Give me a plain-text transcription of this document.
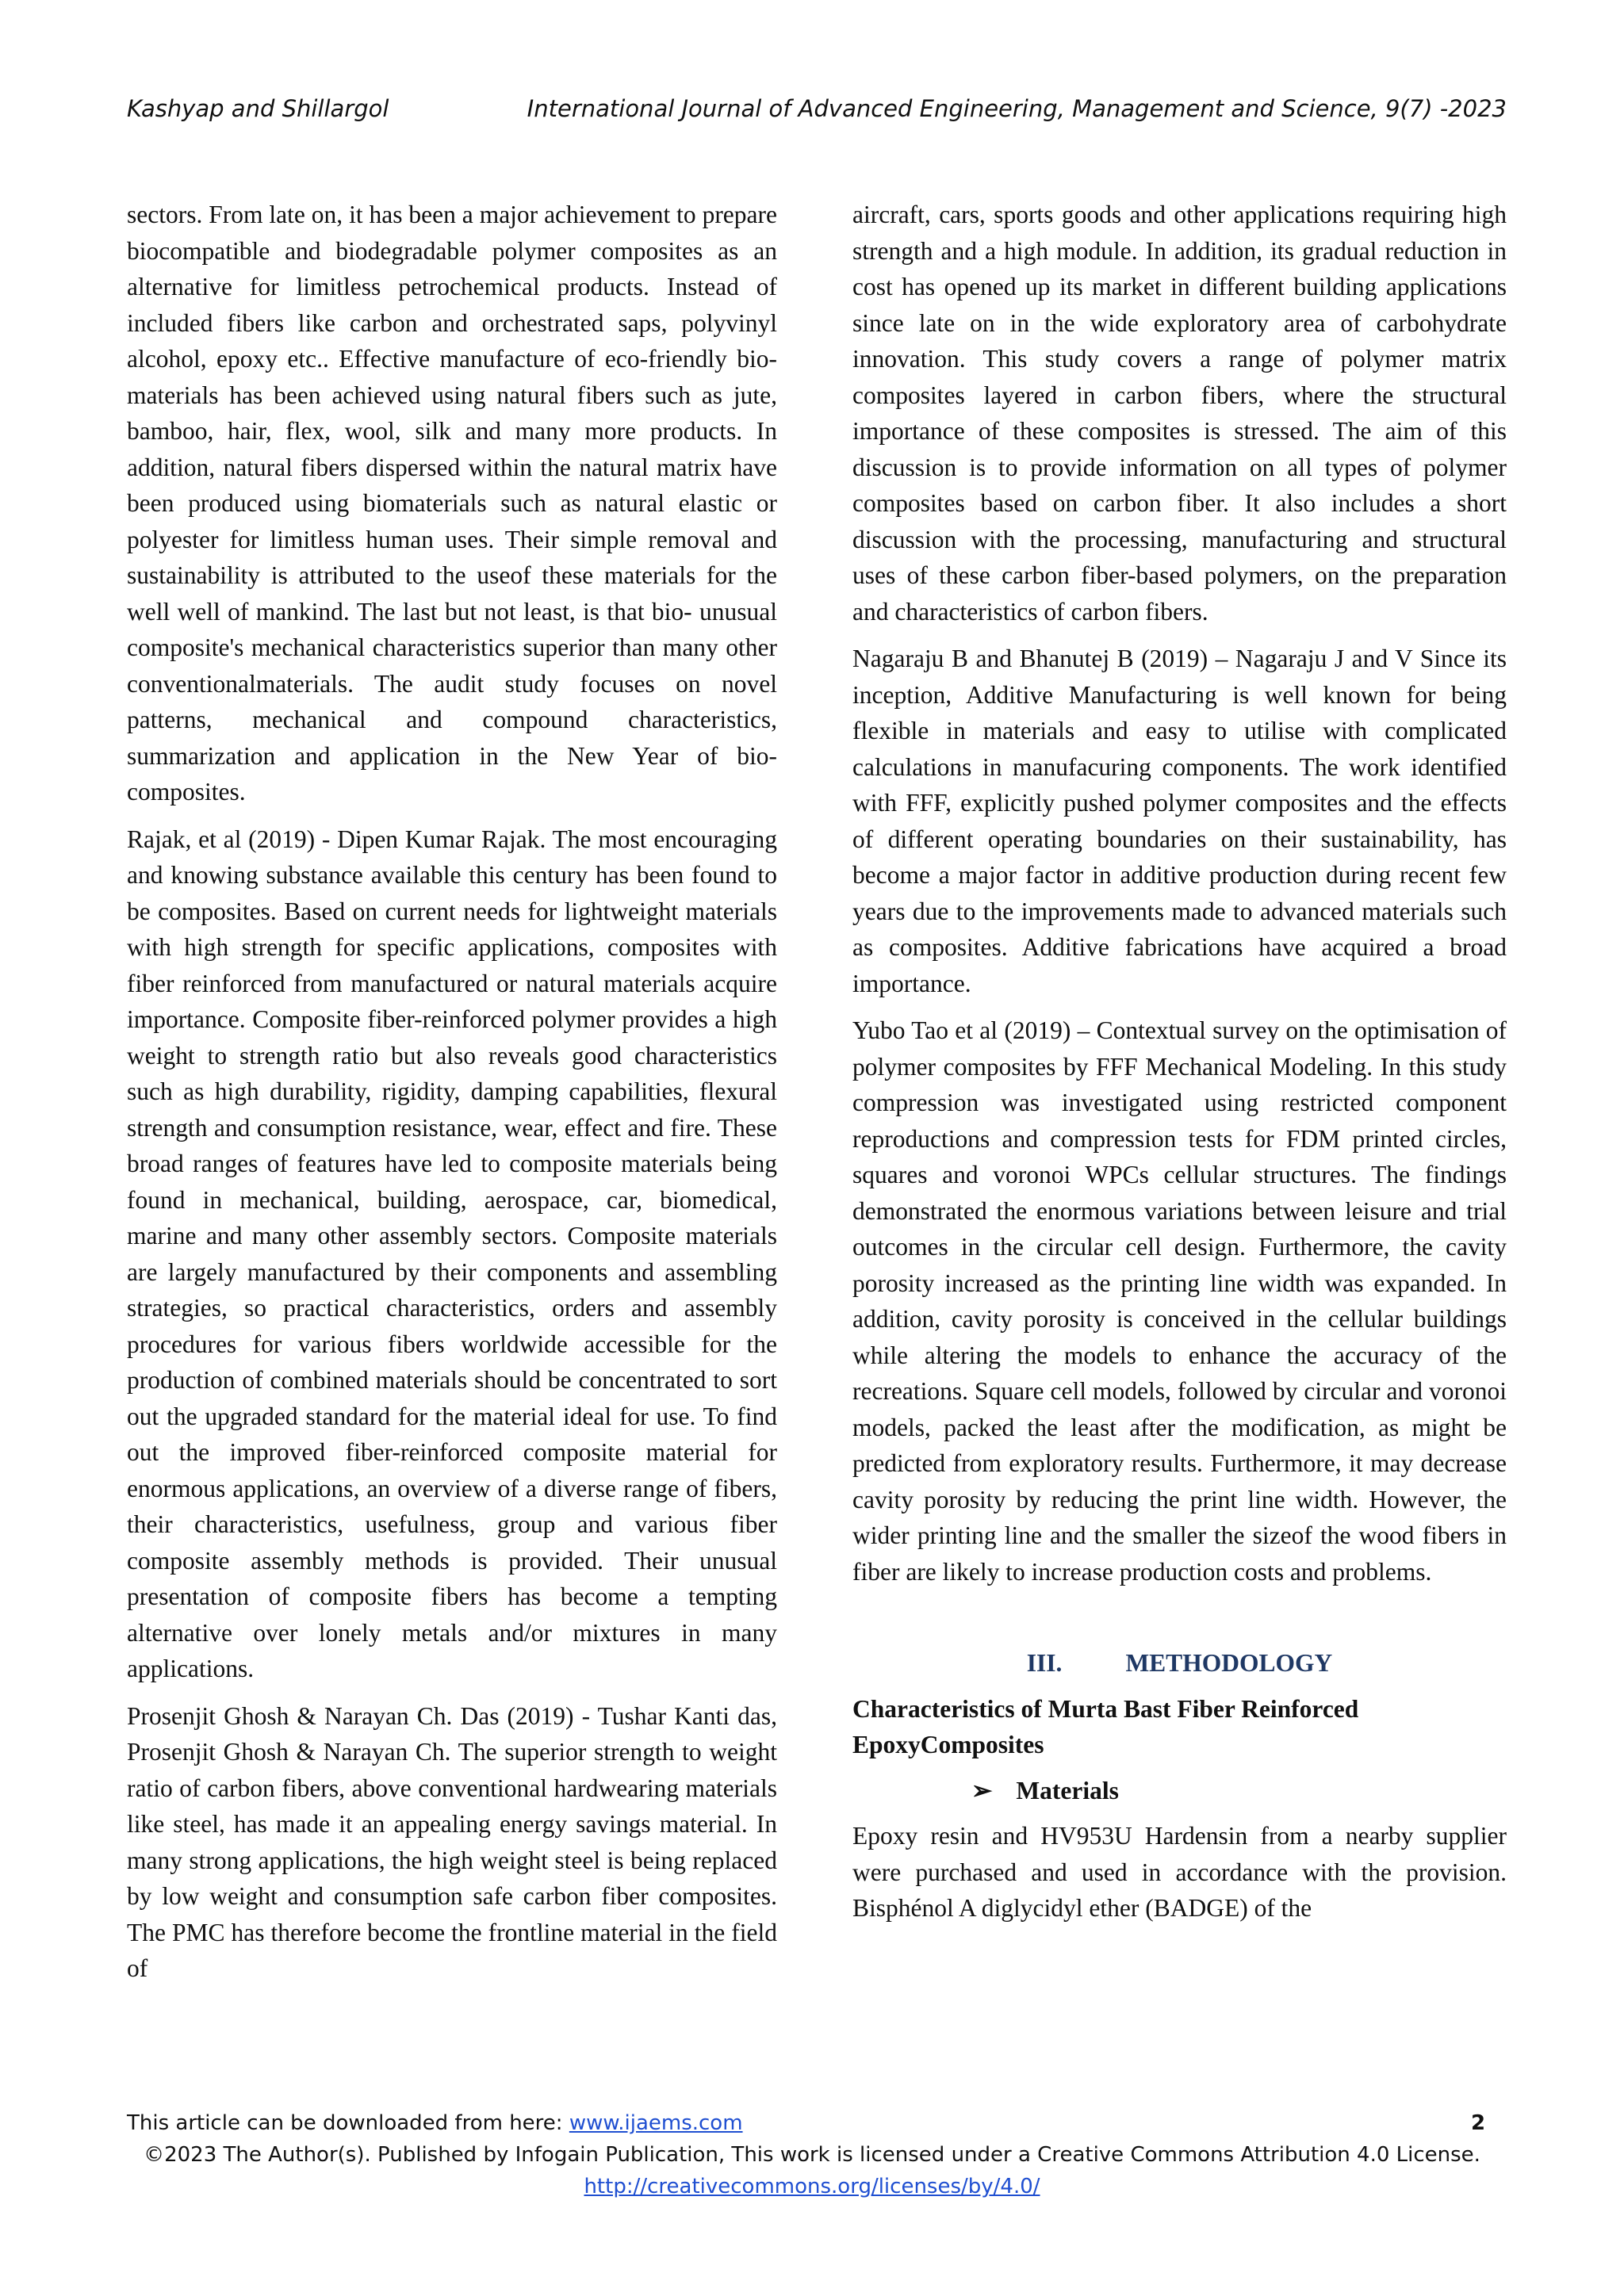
Kashyap and Shillargol	International Journal of Advanced Engineering, Management and Science, 9(7) -2023

sectors. From late on, it has been a major achievement to prepare biocompatible and biodegradable polymer composites as an alternative for limitless petrochemical products. Instead of included fibers like carbon and orchestrated saps, polyvinyl alcohol, epoxy etc.. Effective manufacture of eco-friendly bio-materials has been achieved using natural fibers such as jute, bamboo, hair, flex, wool, silk and many more products. In addition, natural fibers dispersed within the natural matrix have been produced using biomaterials such as natural elastic or polyester for limitless human uses. Their simple removal and sustainability is attributed to the useof these materials for the well well of mankind. The last but not least, is that bio- unusual composite's mechanical characteristics superior than many other conventionalmaterials. The audit study focuses on novel patterns, mechanical and compound characteristics, summarization and application in the New Year of bio-composites.

Rajak, et al (2019) - Dipen Kumar Rajak. The most encouraging and knowing substance available this century has been found to be composites. Based on current needs for lightweight materials with high strength for specific applications, composites with fiber reinforced from manufactured or natural materials acquire importance. Composite fiber-reinforced polymer provides a high weight to strength ratio but also reveals good characteristics such as high durability, rigidity, damping capabilities, flexural strength and consumption resistance, wear, effect and fire. These broad ranges of features have led to composite materials being found in mechanical, building, aerospace, car, biomedical, marine and many other assembly sectors. Composite materials are largely manufactured by their components and assembling strategies, so practical characteristics, orders and assembly procedures for various fibers worldwide accessible for the production of combined materials should be concentrated to sort out the upgraded standard for the material ideal for use. To find out the improved fiber-reinforced composite material for enormous applications, an overview of a diverse range of fibers, their characteristics, usefulness, group and various fiber composite assembly methods is provided. Their unusual presentation of composite fibers has become a tempting alternative over lonely metals and/or mixtures in many applications.

Prosenjit Ghosh & Narayan Ch. Das (2019) - Tushar Kanti das, Prosenjit Ghosh & Narayan Ch. The superior strength to weight ratio of carbon fibers, above conventional hardwearing materials like steel, has made it an appealing energy savings material. In many strong applications, the high weight steel is being replaced by low weight and consumption safe carbon fiber composites. The PMC has therefore become the frontline material in the field of

aircraft, cars, sports goods and other applications requiring high strength and a high module. In addition, its gradual reduction in cost has opened up its market in different building applications since late on in the wide exploratory area of carbohydrate innovation. This study covers a range of polymer matrix composites layered in carbon fibers, where the structural importance of these composites is stressed. The aim of this discussion is to provide information on all types of polymer composites based on carbon fiber. It also includes a short discussion with the processing, manufacturing and structural uses of these carbon fiber-based polymers, on the preparation and characteristics of carbon fibers.

Nagaraju B and Bhanutej B (2019) – Nagaraju J and V Since its inception, Additive Manufacturing is well known for being flexible in materials and easy to utilise with complicated calculations in manufacuring components. The work identified with FFF, explicitly pushed polymer composites and the effects of different operating boundaries on their sustainability, has become a major factor in additive production during recent few years due to the improvements made to advanced materials such as composites. Additive fabrications have acquired a broad importance.

Yubo Tao et al (2019) – Contextual survey on the optimisation of polymer composites by FFF Mechanical Modeling. In this study compression was investigated using restricted component reproductions and compression tests for FDM printed circles, squares and voronoi WPCs cellular structures. The findings demonstrated the enormous variations between leisure and trial outcomes in the circular cell design. Furthermore, the cavity porosity increased as the printing line width was expanded. In addition, cavity porosity is conceived in the cellular buildings while altering the models to enhance the accuracy of the recreations. Square cell models, followed by circular and voronoi models, packed the least after the modification, as might be predicted from exploratory results. Furthermore, it may decrease cavity porosity by reducing the print line width. However, the wider printing line and the smaller the sizeof the wood fibers in fiber are likely to increase production costs and problems.

III.	METHODOLOGY
Characteristics of Murta Bast Fiber Reinforced EpoxyComposites
➢ Materials

Epoxy resin and HV953U Hardensin from a nearby supplier were purchased and used in accordance with the provision. Bisphénol A diglycidyl ether (BADGE) of the

This article can be downloaded from here: www.ijaems.com	2
©2023 The Author(s). Published by Infogain Publication, This work is licensed under a Creative Commons Attribution 4.0 License.
http://creativecommons.org/licenses/by/4.0/
